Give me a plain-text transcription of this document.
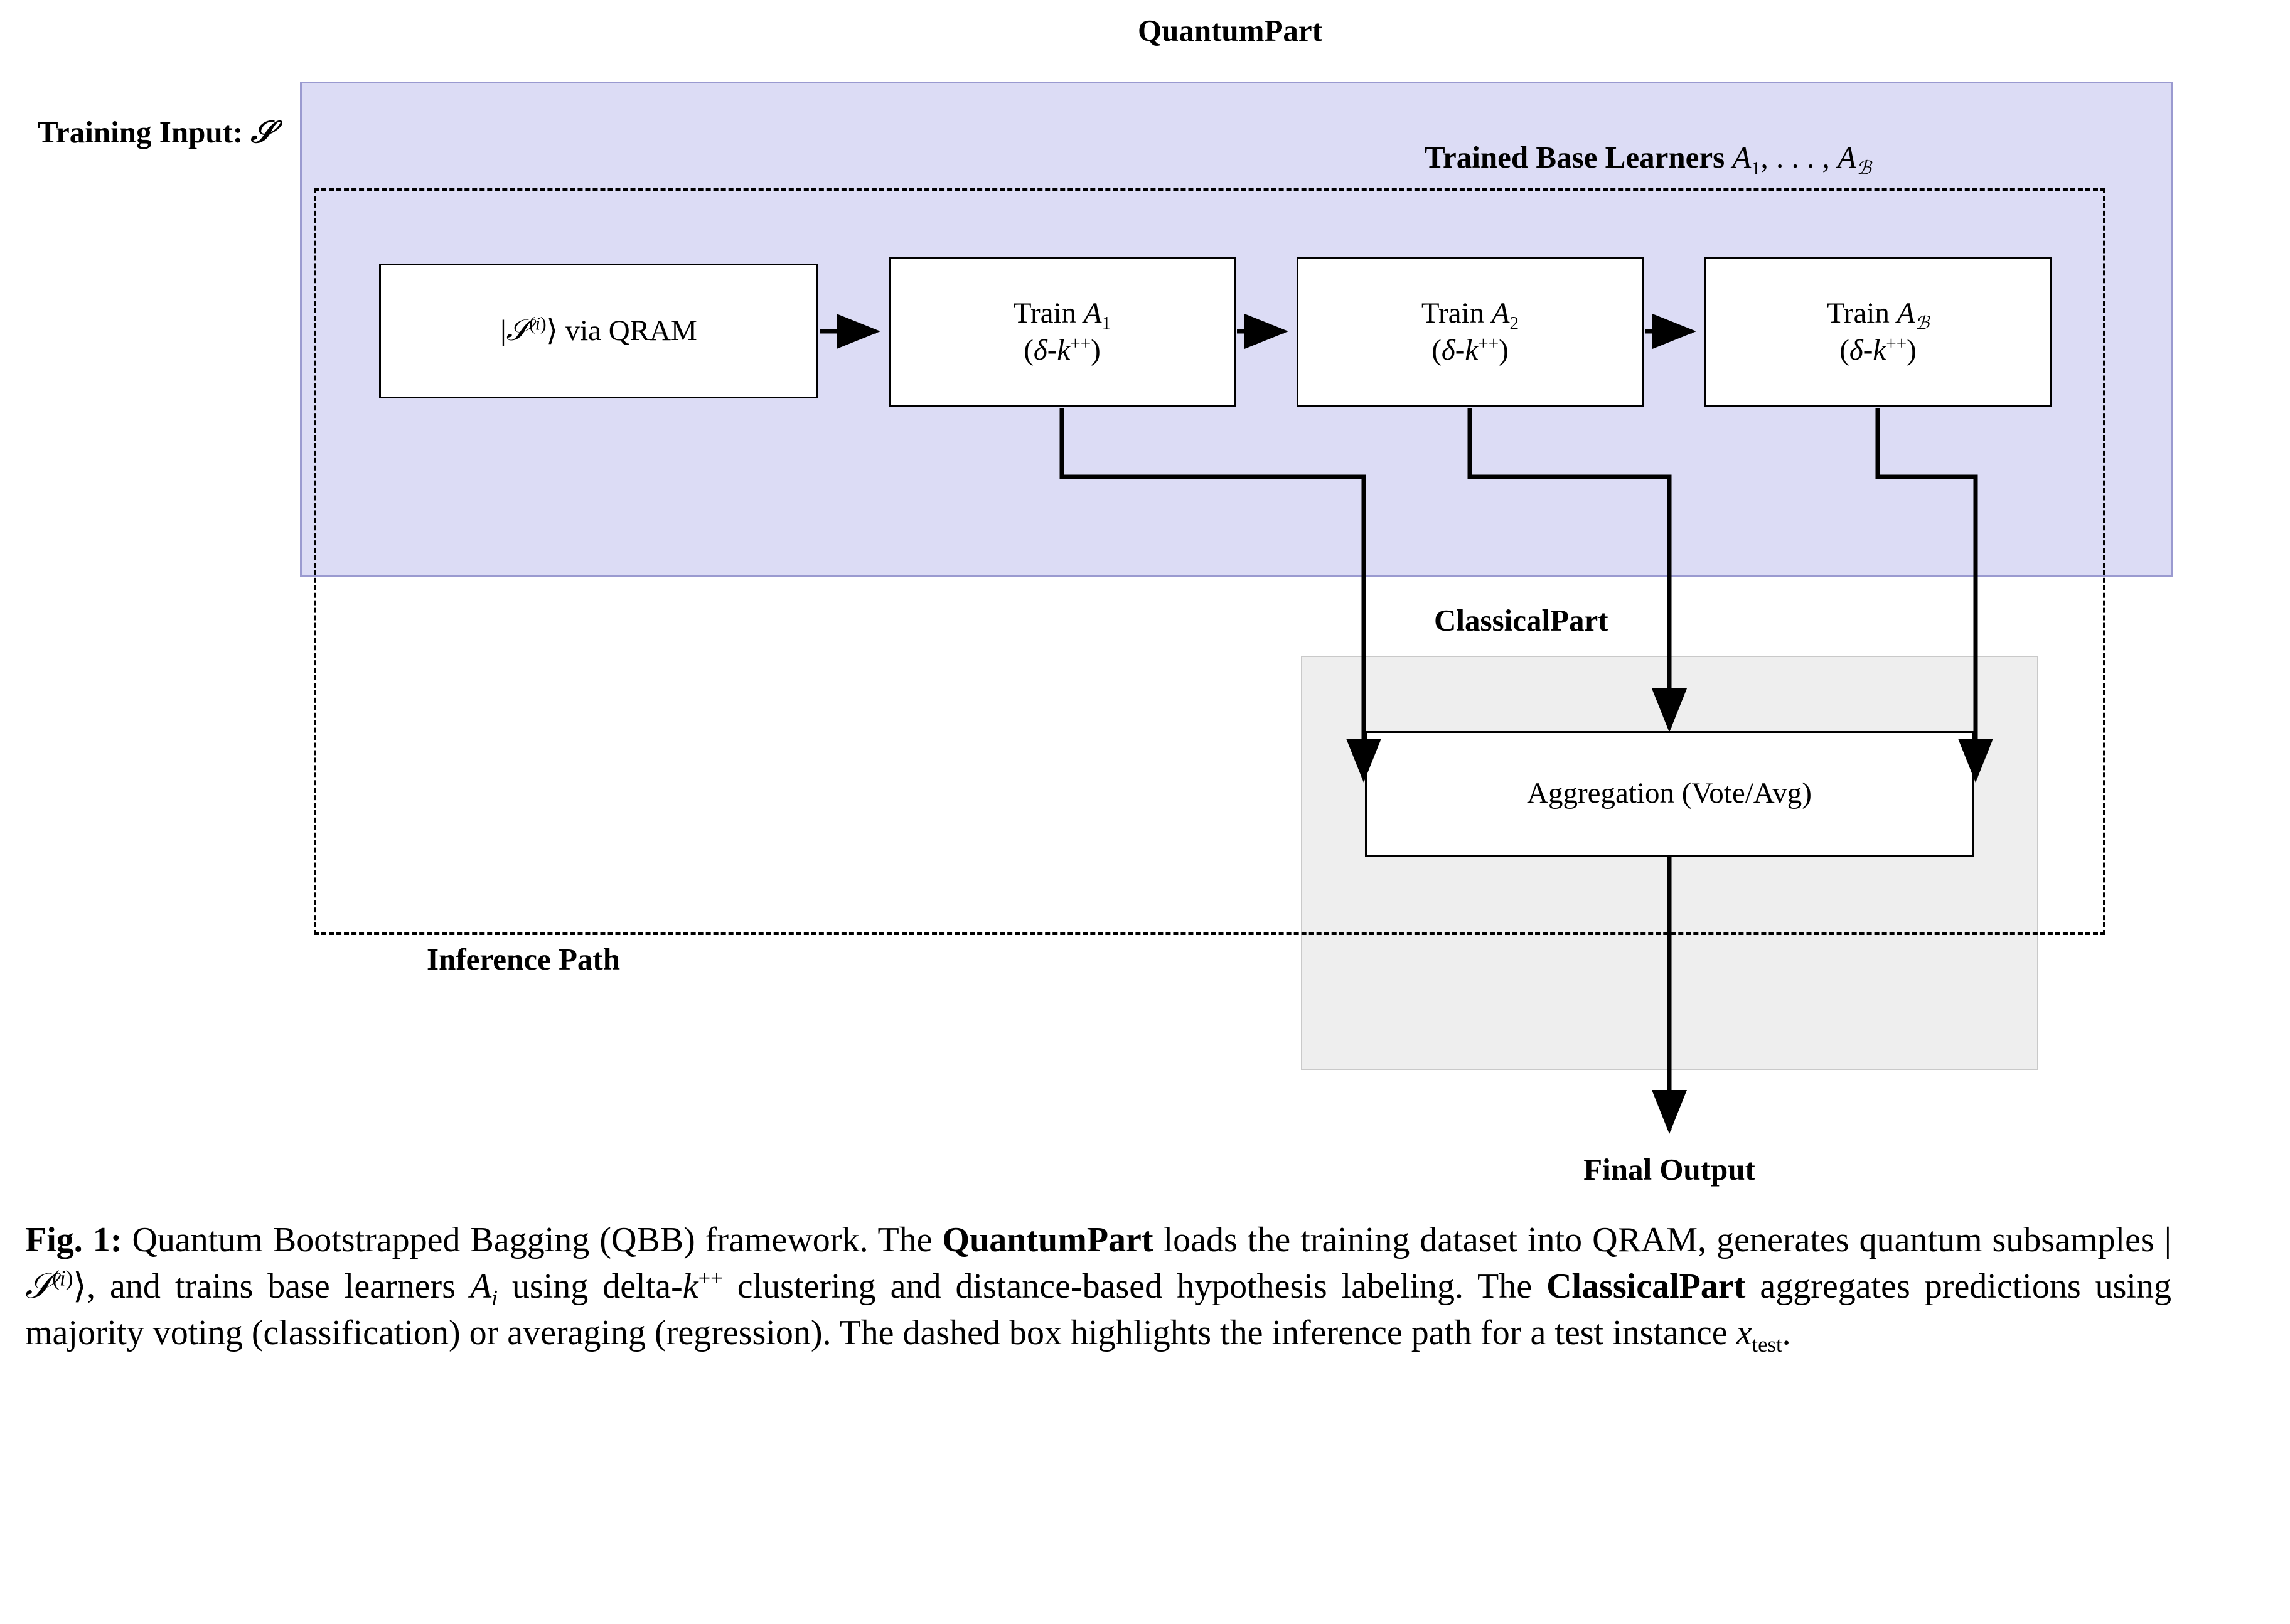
QuantumPart
Training Input: 𝒮
Trained Base Learners $A_1$, . . . , $A_ℬ$
ClassicalPart
Inference Path
Final Output
|𝒮$^{(i)}$⟩ via QRAM
Train $A_1$
(δ-k++)
Train $A_2$
(δ-k++)
Train $A_ℬ$
(δ-k++)
Aggregation (Vote/Avg)
Fig. 1: Quantum Bootstrapped Bagging (QBB) framework. The QuantumPart loads the training dataset into QRAM, generates quantum subsamples |𝒮$^{(i)}$⟩, and trains base learners $A_i$ using delta-k++ clustering and distance-based hypothesis labeling. The ClassicalPart aggregates predictions using majority voting (classification) or averaging (regression). The dashed box highlights the inference path for a test instance $x_{test}$.
